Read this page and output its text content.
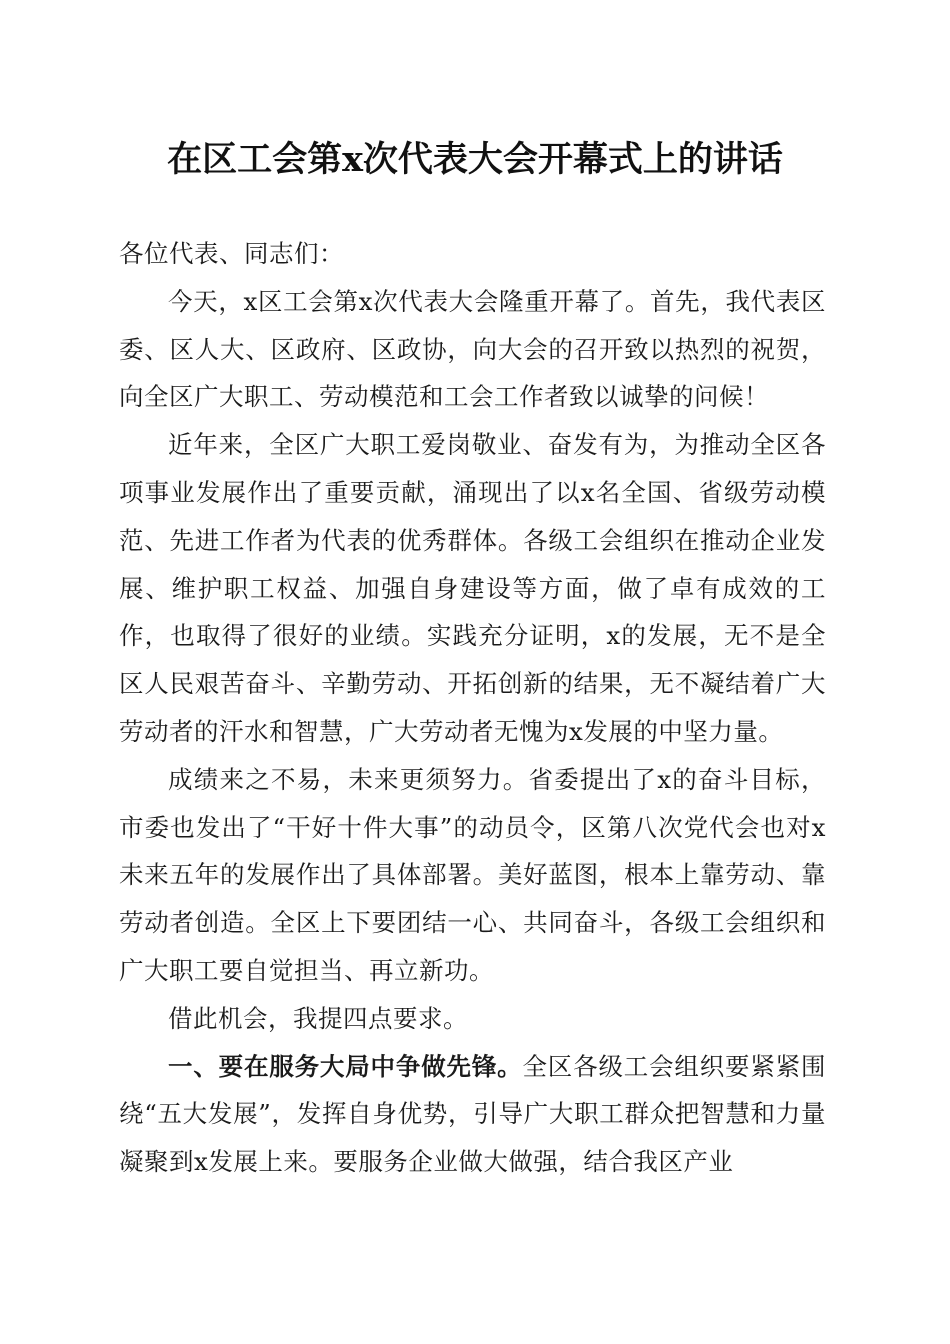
在区工会第x次代表大会开幕式上的讲话

各位代表、同志们：

今天，x区工会第x次代表大会隆重开幕了。首先，我代表区委、区人大、区政府、区政协，向大会的召开致以热烈的祝贺，向全区广大职工、劳动模范和工会工作者致以诚挚的问候！

近年来，全区广大职工爱岗敬业、奋发有为，为推动全区各项事业发展作出了重要贡献，涌现出了以x名全国、省级劳动模范、先进工作者为代表的优秀群体。各级工会组织在推动企业发展、维护职工权益、加强自身建设等方面，做了卓有成效的工作，也取得了很好的业绩。实践充分证明，x的发展，无不是全区人民艰苦奋斗、辛勤劳动、开拓创新的结果，无不凝结着广大劳动者的汗水和智慧，广大劳动者无愧为x发展的中坚力量。

成绩来之不易，未来更须努力。省委提出了x的奋斗目标，市委也发出了“干好十件大事”的动员令，区第八次党代会也对x未来五年的发展作出了具体部署。美好蓝图，根本上靠劳动、靠劳动者创造。全区上下要团结一心、共同奋斗，各级工会组织和广大职工要自觉担当、再立新功。

借此机会，我提四点要求。

一、要在服务大局中争做先锋。全区各级工会组织要紧紧围绕“五大发展”，发挥自身优势，引导广大职工群众把智慧和力量凝聚到x发展上来。要服务企业做大做强，结合我区产业
